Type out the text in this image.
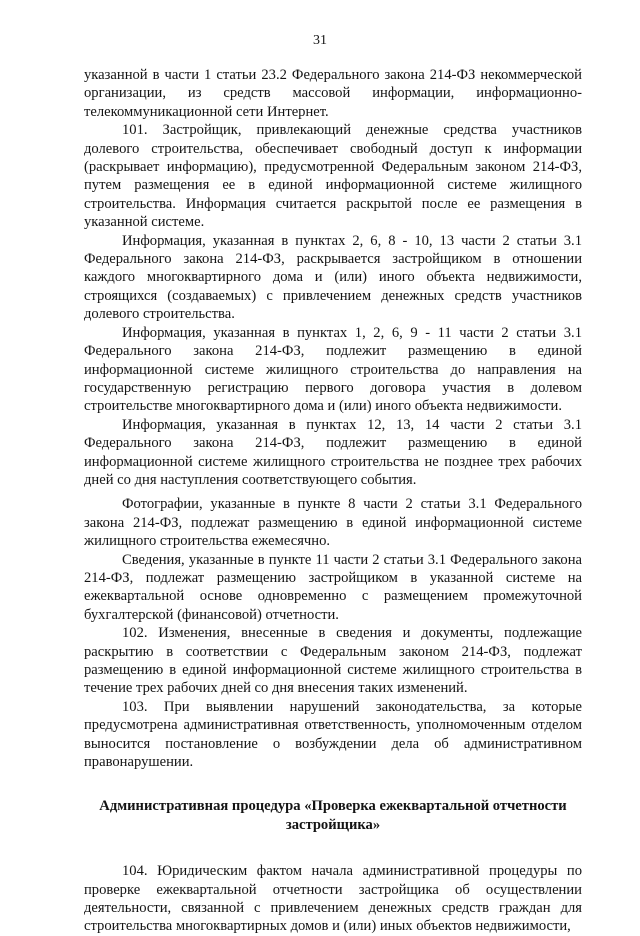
31

указанной в части 1 статьи 23.2 Федерального закона 214-ФЗ некоммерческой организации, из средств массовой информации, информационно-телекоммуникационной сети Интернет.

101. Застройщик, привлекающий денежные средства участников долевого строительства, обеспечивает свободный доступ к информации (раскрывает информацию), предусмотренной Федеральным законом 214-ФЗ, путем размещения ее в единой информационной системе жилищного строительства. Информация считается раскрытой после ее размещения в указанной системе.

Информация, указанная в пунктах 2, 6, 8 - 10, 13 части 2 статьи 3.1 Федерального закона 214-ФЗ, раскрывается застройщиком в отношении каждого многоквартирного дома и (или) иного объекта недвижимости, строящихся (создаваемых) с привлечением денежных средств участников долевого строительства.

Информация, указанная в пунктах 1, 2, 6, 9 - 11 части 2 статьи 3.1 Федерального закона 214-ФЗ, подлежит размещению в единой информационной системе жилищного строительства до направления на государственную регистрацию первого договора участия в долевом строительстве многоквартирного дома и (или) иного объекта недвижимости.

Информация, указанная в пунктах 12, 13, 14 части 2 статьи 3.1 Федерального закона 214-ФЗ, подлежит размещению в единой информационной системе жилищного строительства не позднее трех рабочих дней со дня наступления соответствующего события.

Фотографии, указанные в пункте 8 части 2 статьи 3.1 Федерального закона 214-ФЗ, подлежат размещению в единой информационной системе жилищного строительства ежемесячно.

Сведения, указанные в пункте 11 части 2 статьи 3.1 Федерального закона 214-ФЗ, подлежат размещению застройщиком в указанной системе на ежеквартальной основе одновременно с размещением промежуточной бухгалтерской (финансовой) отчетности.

102. Изменения, внесенные в сведения и документы, подлежащие раскрытию в соответствии с Федеральным законом 214-ФЗ, подлежат размещению в единой информационной системе жилищного строительства в течение трех рабочих дней со дня внесения таких изменений.

103. При выявлении нарушений законодательства, за которые предусмотрена административная ответственность, уполномоченным отделом выносится постановление о возбуждении дела об административном правонарушении.

Административная процедура «Проверка ежеквартальной отчетности
застройщика»

104. Юридическим фактом начала административной процедуры по проверке ежеквартальной отчетности застройщика об осуществлении деятельности, связанной с привлечением денежных средств граждан для строительства многоквартирных домов и (или) иных объектов недвижимости,
